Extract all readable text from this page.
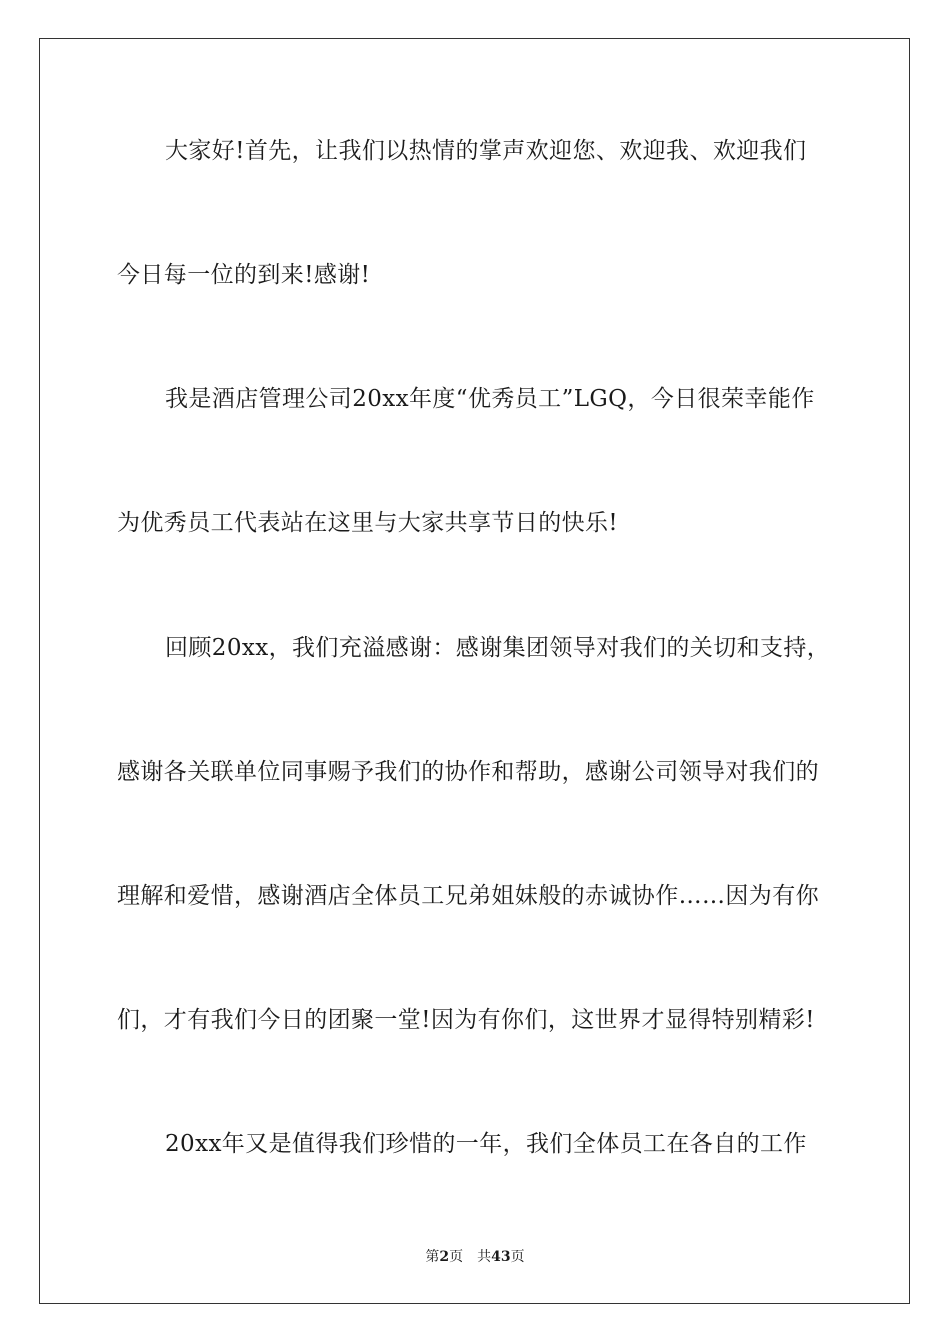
大家好!首先，让我们以热情的掌声欢迎您、欢迎我、欢迎我们
今日每一位的到来!感谢!
我是酒店管理公司20xx年度“优秀员工”LGQ，今日很荣幸能作
为优秀员工代表站在这里与大家共享节日的快乐!
回顾20xx，我们充溢感谢：感谢集团领导对我们的关切和支持，
感谢各关联单位同事赐予我们的协作和帮助，感谢公司领导对我们的
理解和爱惜，感谢酒店全体员工兄弟姐妹般的赤诚协作……因为有你
们，才有我们今日的团聚一堂!因为有你们，这世界才显得特别精彩!
20xx年又是值得我们珍惜的一年，我们全体员工在各自的工作
第2页 共43页
